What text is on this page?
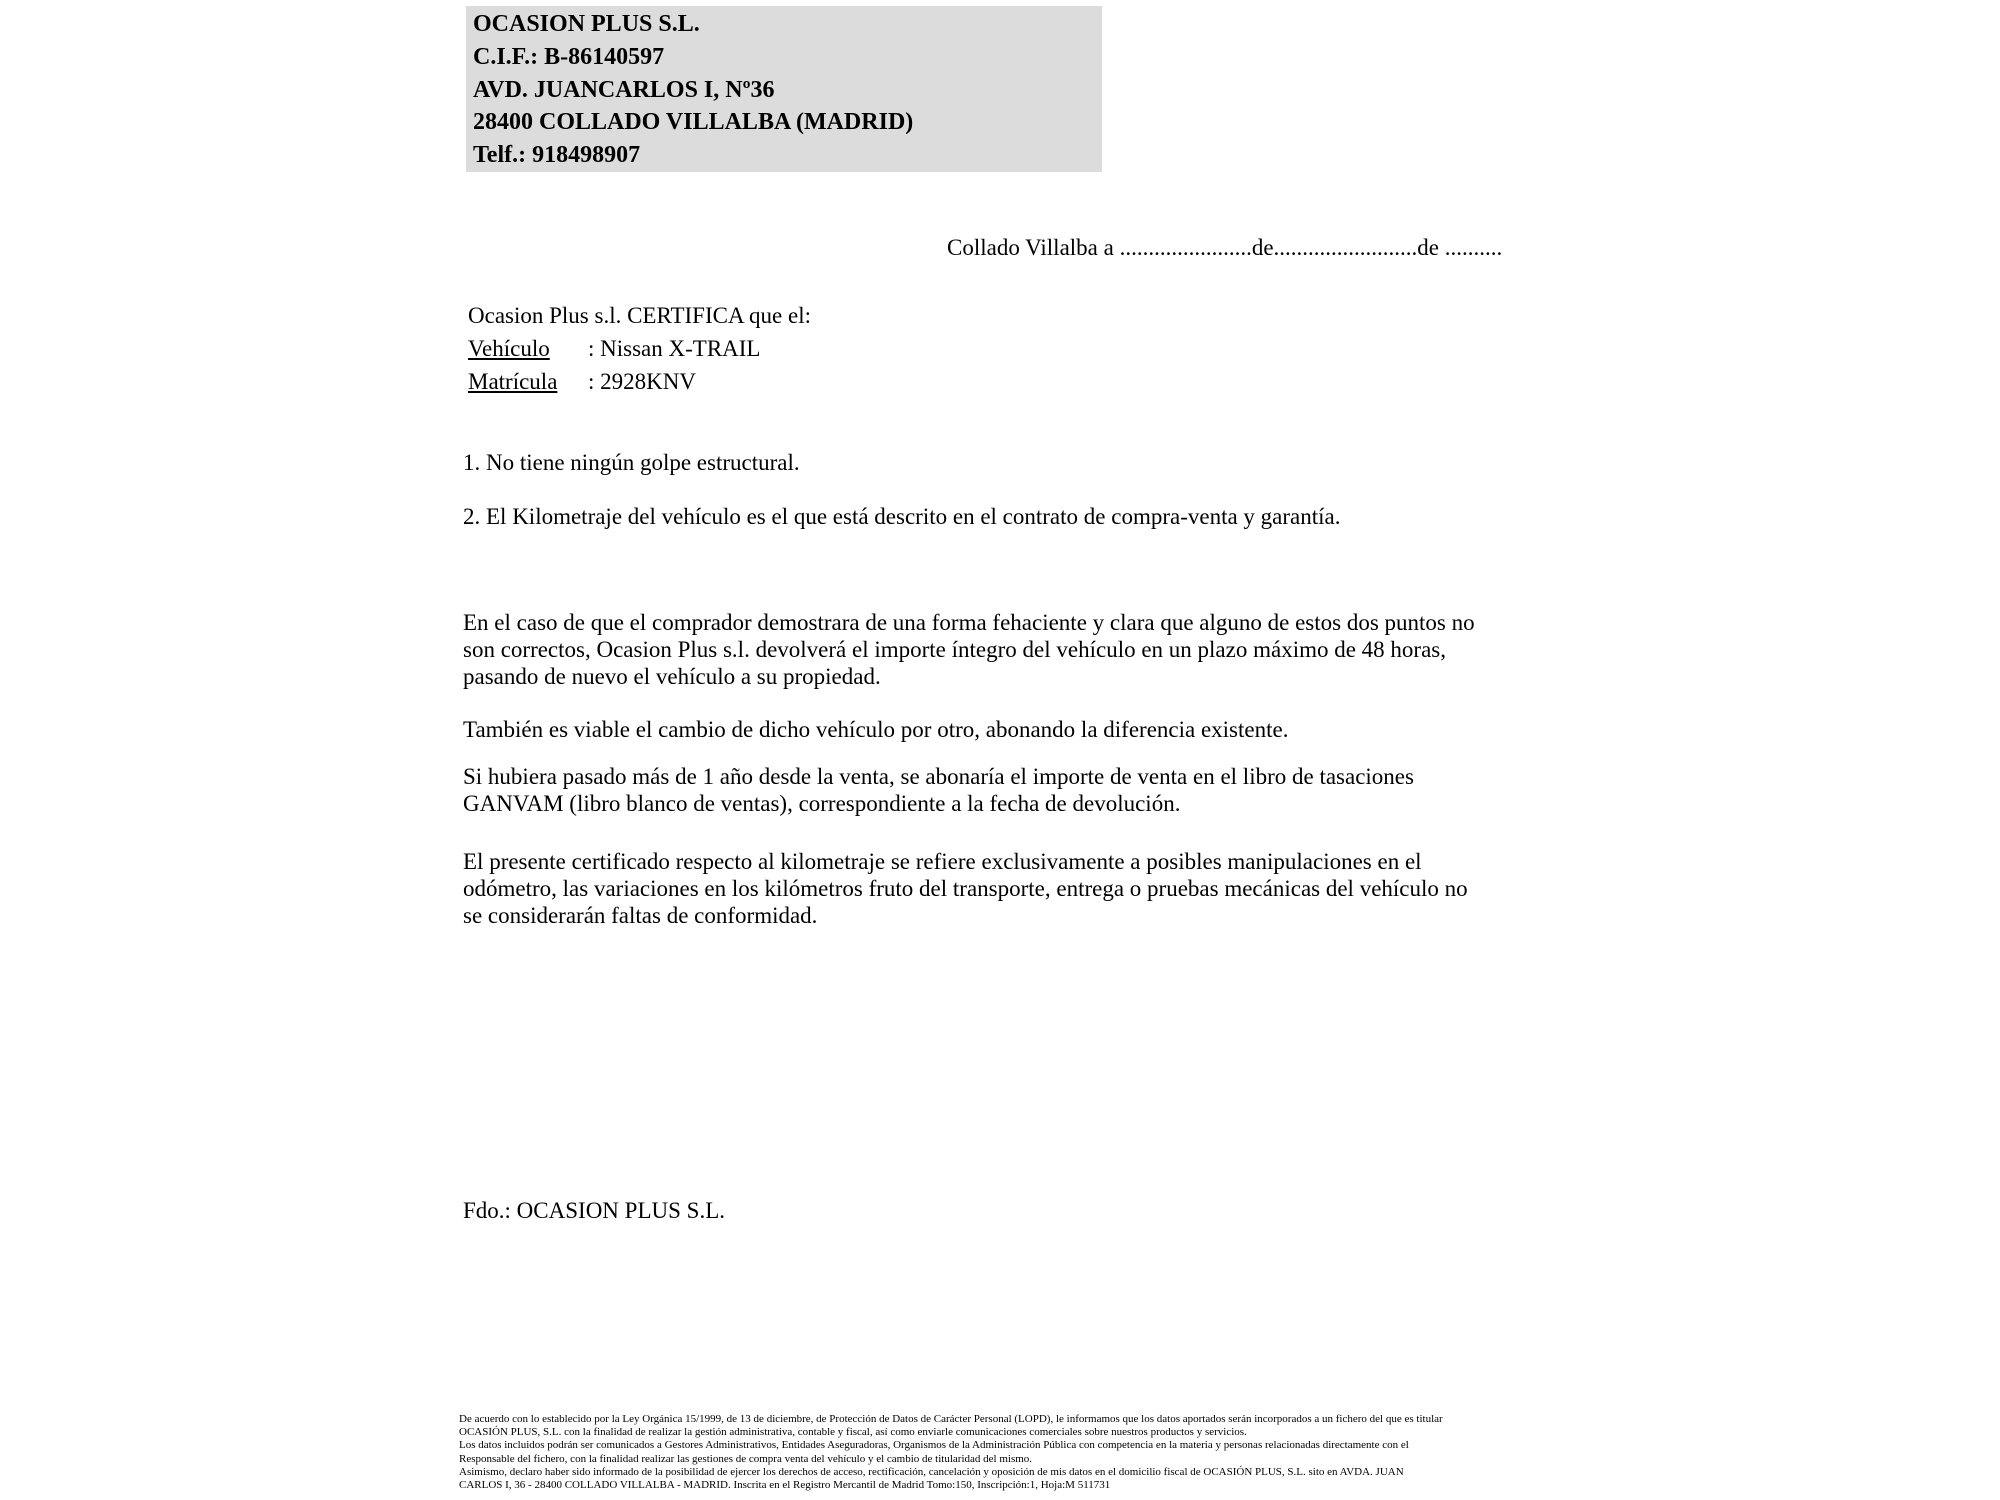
OCASION PLUS S.L.
C.I.F.: B-86140597
AVD. JUANCARLOS I, Nº36
28400 COLLADO VILLALBA (MADRID)
Telf.: 918498907
Collado Villalba a .......................de.........................de ..........
Ocasion Plus s.l. CERTIFICA que el:
Vehículo : Nissan X-TRAIL
Matrícula : 2928KNV
1. No tiene ningún golpe estructural.
2. El Kilometraje del vehículo es el que está descrito en el contrato de compra-venta y garantía.
En el caso de que el comprador demostrara de una forma fehaciente y clara que alguno de estos dos puntos no
son correctos, Ocasion Plus s.l. devolverá el importe íntegro del vehículo en un plazo máximo de 48 horas,
pasando de nuevo el vehículo a su propiedad.
También es viable el cambio de dicho vehículo por otro, abonando la diferencia existente.
Si hubiera pasado más de 1 año desde la venta, se abonaría el importe de venta en el libro de tasaciones
GANVAM (libro blanco de ventas), correspondiente a la fecha de devolución.
El presente certificado respecto al kilometraje se refiere exclusivamente a posibles manipulaciones en el
odómetro, las variaciones en los kilómetros fruto del transporte, entrega o pruebas mecánicas del vehículo no
se considerarán faltas de conformidad.
Fdo.: OCASION PLUS S.L.
De acuerdo con lo establecido por la Ley Orgánica 15/1999, de 13 de diciembre, de Protección de Datos de Carácter Personal (LOPD), le informamos que los datos aportados serán incorporados a un fichero del que es titular
OCASIÓN PLUS, S.L. con la finalidad de realizar la gestión administrativa, contable y fiscal, así como enviarle comunicaciones comerciales sobre nuestros productos y servicios.
Los datos incluidos podrán ser comunicados a Gestores Administrativos, Entidades Aseguradoras, Organismos de la Administración Pública con competencia en la materia y personas relacionadas directamente con el
Responsable del fichero, con la finalidad realizar las gestiones de compra venta del vehículo y el cambio de titularidad del mismo.
Asimismo, declaro haber sido informado de la posibilidad de ejercer los derechos de acceso, rectificación, cancelación y oposición de mis datos en el domicilio fiscal de OCASIÓN PLUS, S.L. sito en AVDA. JUAN
CARLOS I, 36 - 28400 COLLADO VILLALBA - MADRID. Inscrita en el Registro Mercantil de Madrid Tomo:150, Inscripción:1, Hoja:M 511731
